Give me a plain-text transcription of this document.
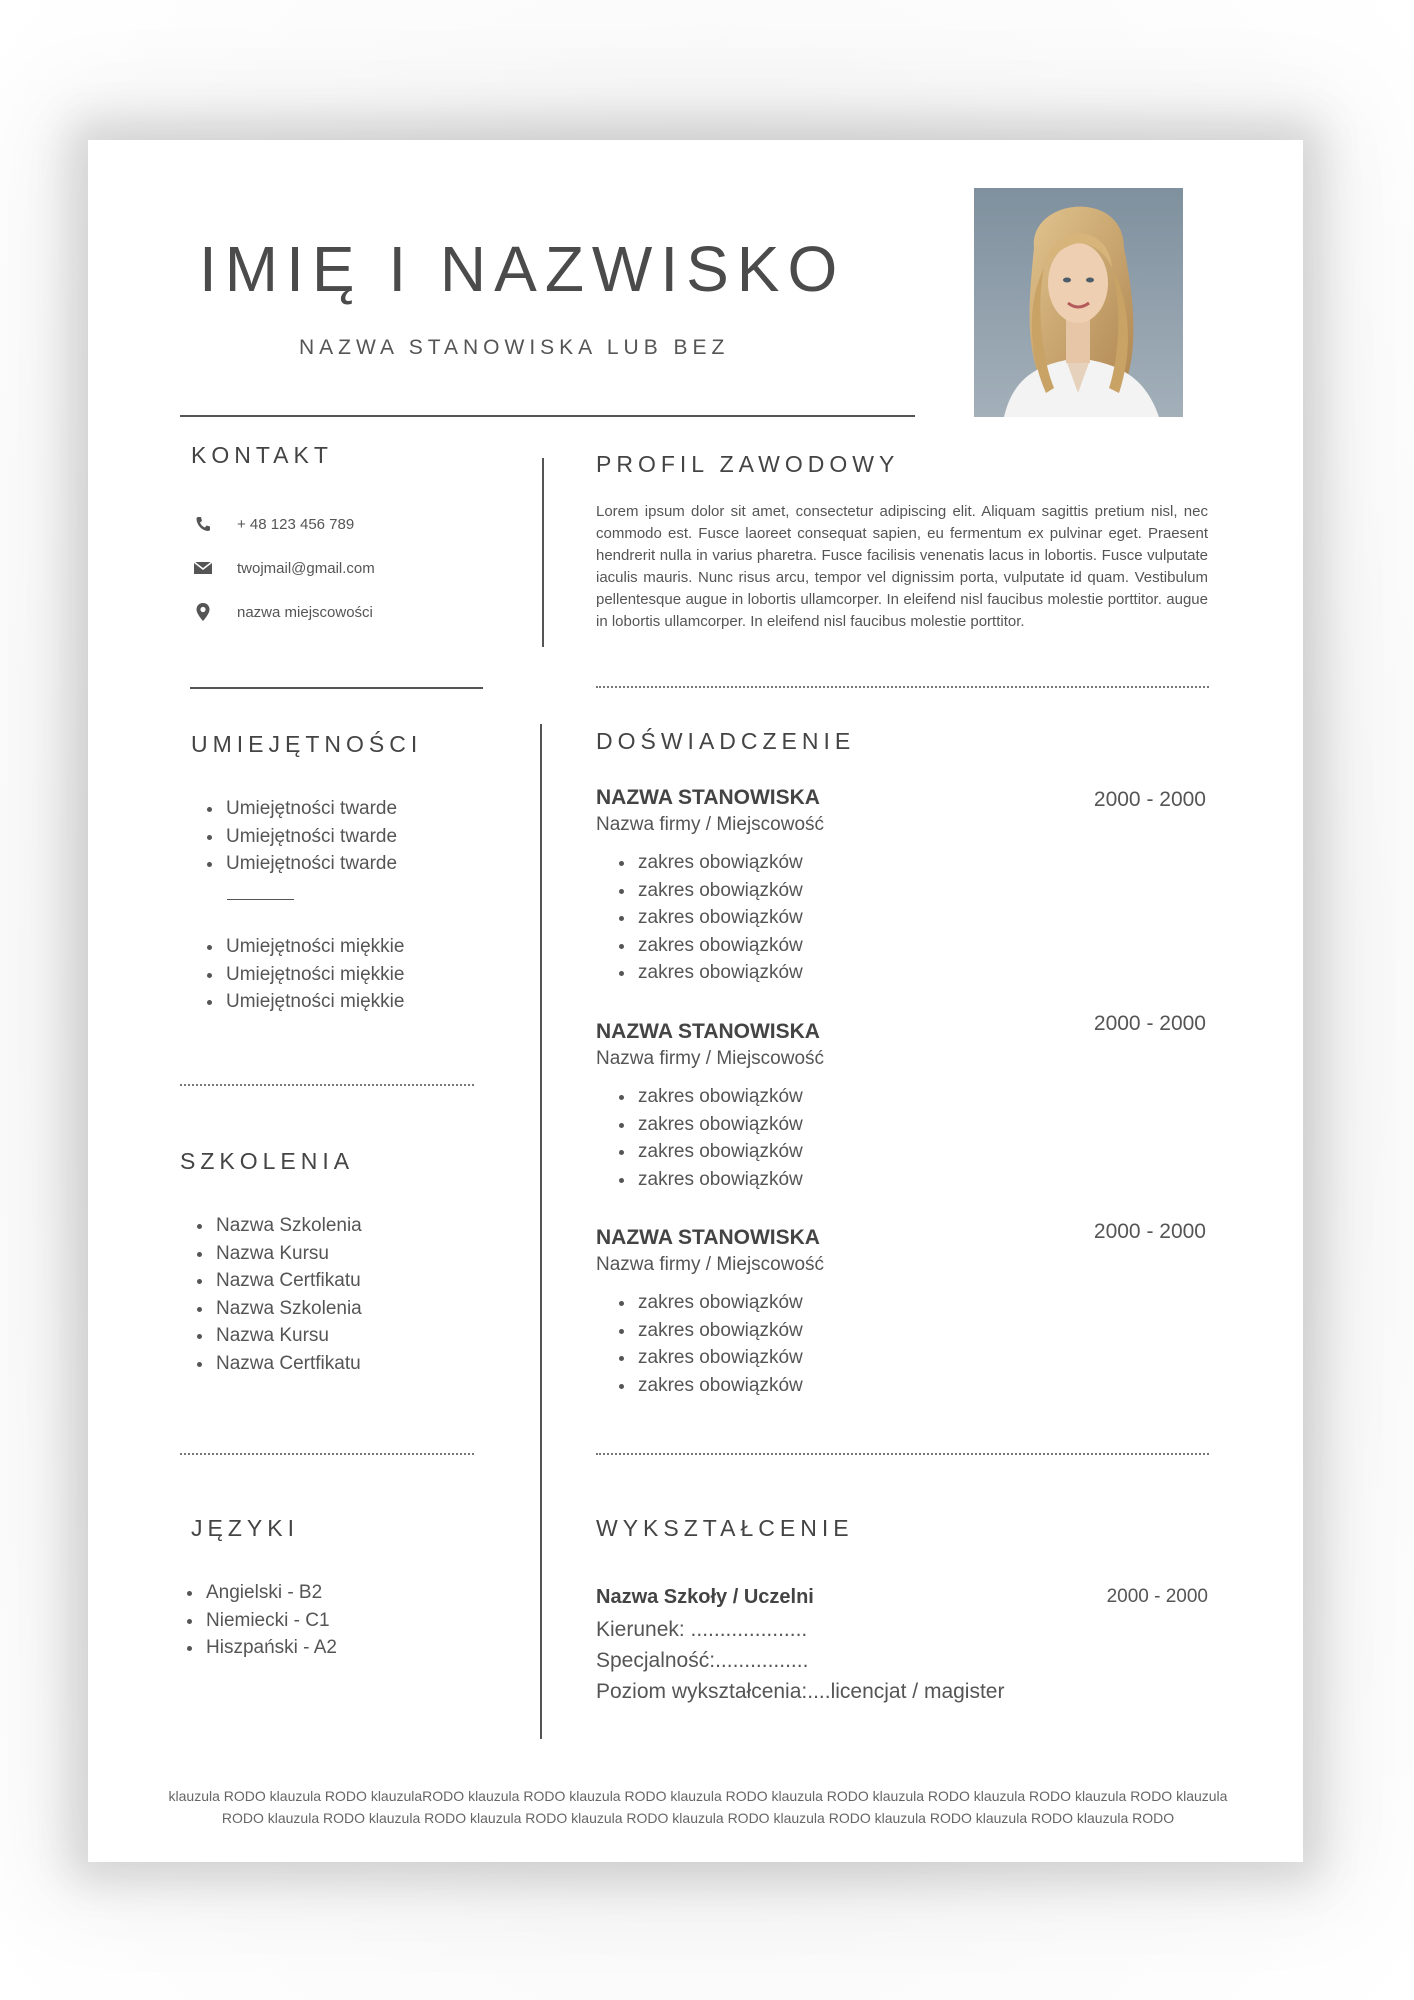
IMIĘ I NAZWISKO
NAZWA STANOWISKA LUB BEZ
KONTAKT
+ 48 123 456 789
twojmail@gmail.com
nazwa miejscowości
PROFIL ZAWODOWY
Lorem ipsum dolor sit amet, consectetur adipiscing elit. Aliquam sagittis pretium nisl, nec commodo est. Fusce laoreet consequat sapien, eu fermentum ex pulvinar eget. Praesent hendrerit nulla in varius pharetra. Fusce facilisis venenatis lacus in lobortis. Fusce vulputate iaculis mauris. Nunc risus arcu, tempor vel dignissim porta, vulputate id quam. Vestibulum pellentesque augue in lobortis ullamcorper. In eleifend nisl faucibus molestie porttitor. augue in lobortis ullamcorper. In eleifend nisl faucibus molestie porttitor.
UMIEJĘTNOŚCI
• Umiejętności twarde
• Umiejętności twarde
• Umiejętności twarde
• Umiejętności miękkie
• Umiejętności miękkie
• Umiejętności miękkie
SZKOLENIA
• Nazwa Szkolenia
• Nazwa Kursu
• Nazwa Certfikatu
• Nazwa Szkolenia
• Nazwa Kursu
• Nazwa Certfikatu
JĘZYKI
• Angielski - B2
• Niemiecki - C1
• Hiszpański - A2
DOŚWIADCZENIE
NAZWA STANOWISKA	2000 - 2000
Nazwa firmy / Miejscowość
• zakres obowiązków
• zakres obowiązków
• zakres obowiązków
• zakres obowiązków
• zakres obowiązków
NAZWA STANOWISKA	2000 - 2000
Nazwa firmy / Miejscowość
• zakres obowiązków
• zakres obowiązków
• zakres obowiązków
• zakres obowiązków
NAZWA STANOWISKA	2000 - 2000
Nazwa firmy / Miejscowość
• zakres obowiązków
• zakres obowiązków
• zakres obowiązków
• zakres obowiązków
WYKSZTAŁCENIE
Nazwa Szkoły / Uczelni	2000 - 2000
Kierunek: ....................
Specjalność:................
Poziom wykształcenia:....licencjat / magister
klauzula RODO klauzula RODO klauzulaRODO klauzula RODO klauzula RODO klauzula RODO klauzula RODO klauzula RODO klauzula RODO klauzula RODO klauzula RODO klauzula RODO klauzula RODO klauzula RODO klauzula RODO klauzula RODO klauzula RODO klauzula RODO klauzula RODO klauzula RODO
